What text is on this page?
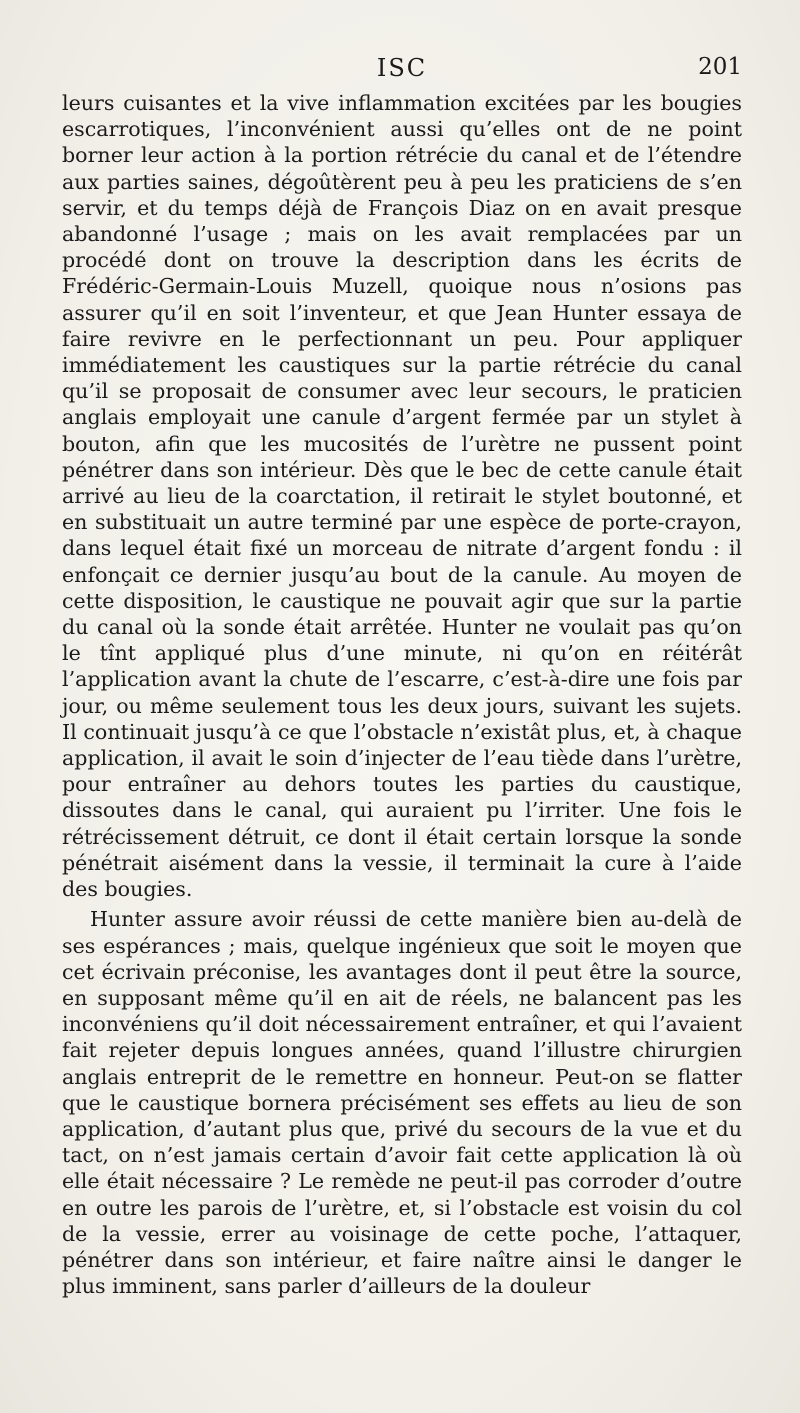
ISC	201

leurs cuisantes et la vive inflammation excitées par les bougies escarrotiques, l’inconvénient aussi qu’elles ont de ne point borner leur action à la portion rétrécie du canal et de l’étendre aux parties saines, dégoûtèrent peu à peu les praticiens de s’en servir, et du temps déjà de François Diaz on en avait presque abandonné l’usage ; mais on les avait remplacées par un procédé dont on trouve la description dans les écrits de Frédéric-Germain-Louis Muzell, quoique nous n’osions pas assurer qu’il en soit l’inventeur, et que Jean Hunter essaya de faire revivre en le perfectionnant un peu. Pour appliquer immédiatement les caustiques sur la partie rétrécie du canal qu’il se proposait de consumer avec leur secours, le praticien anglais employait une canule d’argent fermée par un stylet à bouton, afin que les mucosités de l’urètre ne pussent point pénétrer dans son intérieur. Dès que le bec de cette canule était arrivé au lieu de la coarctation, il retirait le stylet boutonné, et en substituait un autre terminé par une espèce de porte-crayon, dans lequel était fixé un morceau de nitrate d’argent fondu : il enfonçait ce dernier jusqu’au bout de la canule. Au moyen de cette disposition, le caustique ne pouvait agir que sur la partie du canal où la sonde était arrêtée. Hunter ne voulait pas qu’on le tînt appliqué plus d’une minute, ni qu’on en réitérât l’application avant la chute de l’escarre, c’est-à-dire une fois par jour, ou même seulement tous les deux jours, suivant les sujets. Il continuait jusqu’à ce que l’obstacle n’existât plus, et, à chaque application, il avait le soin d’injecter de l’eau tiède dans l’urètre, pour entraîner au dehors toutes les parties du caustique, dissoutes dans le canal, qui auraient pu l’irriter. Une fois le rétrécissement détruit, ce dont il était certain lorsque la sonde pénétrait aisément dans la vessie, il terminait la cure à l’aide des bougies.

Hunter assure avoir réussi de cette manière bien au-delà de ses espérances ; mais, quelque ingénieux que soit le moyen que cet écrivain préconise, les avantages dont il peut être la source, en supposant même qu’il en ait de réels, ne balancent pas les inconvéniens qu’il doit nécessairement entraîner, et qui l’avaient fait rejeter depuis longues années, quand l’illustre chirurgien anglais entreprit de le remettre en honneur. Peut-on se flatter que le caustique bornera précisément ses effets au lieu de son application, d’autant plus que, privé du secours de la vue et du tact, on n’est jamais certain d’avoir fait cette application là où elle était nécessaire ? Le remède ne peut-il pas corroder d’outre en outre les parois de l’urètre, et, si l’obstacle est voisin du col de la vessie, errer au voisinage de cette poche, l’attaquer, pénétrer dans son intérieur, et faire naître ainsi le danger le plus imminent, sans parler d’ailleurs de la douleur
